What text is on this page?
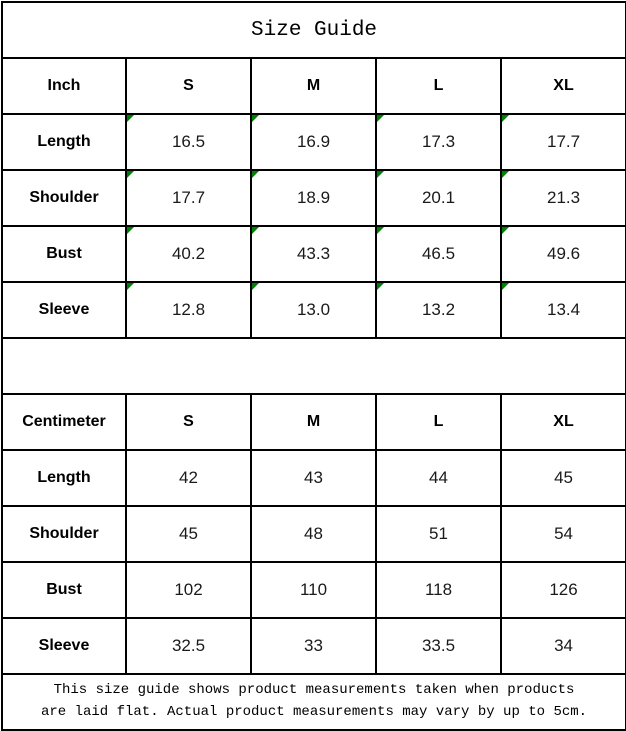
Size Guide				
Inch	S	M	L	XL
Length	16.5	16.9	17.3	17.7
Shoulder	17.7	18.9	20.1	21.3
Bust	40.2	43.3	46.5	49.6
Sleeve	12.8	13.0	13.2	13.4

Centimeter	S	M	L	XL
Length	42	43	44	45
Shoulder	45	48	51	54
Bust	102	110	118	126
Sleeve	32.5	33	33.5	34

This size guide shows product measurements taken when products
are laid flat. Actual product measurements may vary by up to 5cm.				
